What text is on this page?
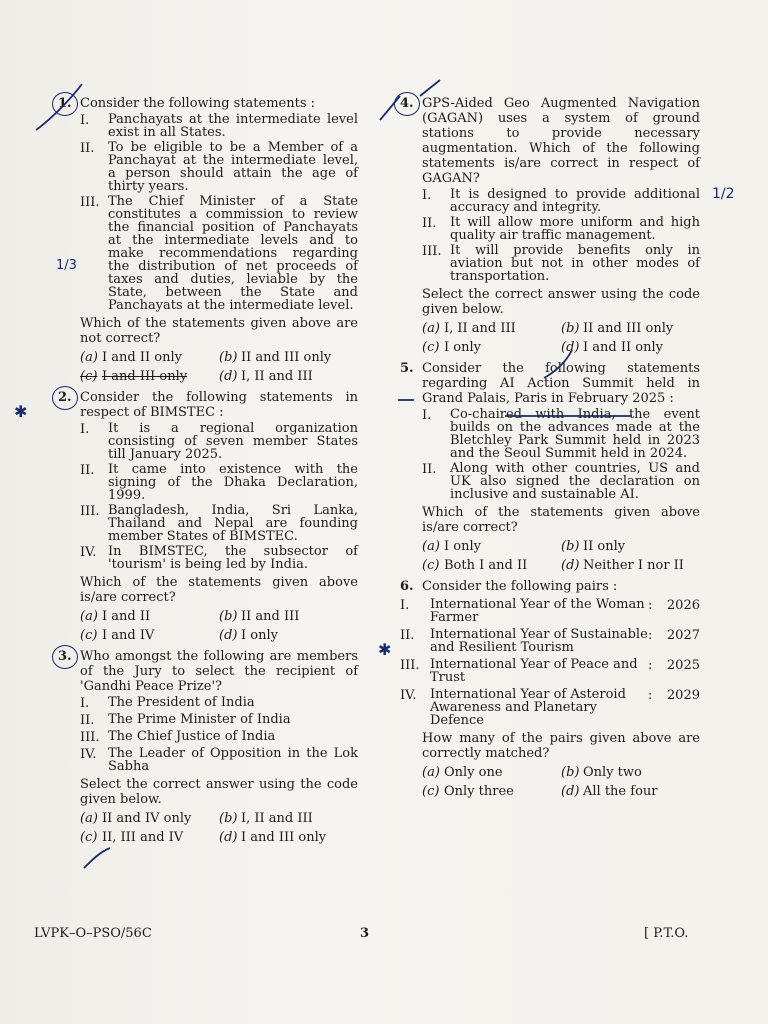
1. Consider the following statements :
I.	Panchayats at the intermediate level exist in all States.
II.	To be eligible to be a Member of a Panchayat at the intermediate level, a person should attain the age of thirty years.
III. The Chief Minister of a State constitutes a commission to review the financial position of Panchayats at the intermediate levels and to make recommendations regarding the distribution of net proceeds of taxes and duties, leviable by the State, between the State and Panchayats at the intermediate level.
Which of the statements given above are not correct?
(a) I and II only	(b) II and III only
(c) I and III only (d) I, II and III
2. Consider the following statements in respect of BIMSTEC :
I.	It is a regional organization consisting of seven member States till January 2025.
II.	It came into existence with the signing of the Dhaka Declaration, 1999.
III. Bangladesh, India, Sri Lanka, Thailand and Nepal are founding member States of BIMSTEC.
IV. In BIMSTEC, the subsector of 'tourism' is being led by India.
Which of the statements given above is/are correct?
(a) I and II	(b) II and III
(c) I and IV	(d) I only
3. Who amongst the following are members of the Jury to select the recipient of 'Gandhi Peace Prize'?
I.	The President of India
II.	The Prime Minister of India
III. The Chief Justice of India
IV. The Leader of Opposition in the Lok Sabha
Select the correct answer using the code given below.
(a) II and IV only (b) I, II and III
(c) II, III and IV	(d) I and III only
4. GPS-Aided Geo Augmented Navigation (GAGAN) uses a system of ground stations to provide necessary augmentation. Which of the following statements is/are correct in respect of GAGAN?
I.	It is designed to provide additional accuracy and integrity.
II.	It will allow more uniform and high quality air traffic management.
III. It will provide benefits only in aviation but not in other modes of transportation.
Select the correct answer using the code given below.
(a) I, II and III	(b) II and III only
(c) I only	(d) I and II only
5. Consider the following statements regarding AI Action Summit held in Grand Palais, Paris in February 2025 :
I.	Co-chaired with India, the event builds on the advances made at the Bletchley Park Summit held in 2023 and the Seoul Summit held in 2024.
II.	Along with other countries, US and UK also signed the declaration on inclusive and sustainable AI.
Which of the statements given above is/are correct?
(a) I only	(b) II only
(c) Both I and II	(d) Neither I nor II
6. Consider the following pairs :
I.	International Year of the Woman Farmer
:	2026
II.	International Year of Sustainable and Resilient Tourism
:	2027
III. International Year of Peace and Trust
:	2025
IV.	International Year of Asteroid Awareness and Planetary Defence
:	2029
How many of the pairs given above are correctly matched?
(a) Only one	(b) Only two
(c) Only three	(d) All the four
1/3
1/2
✱
✱
LVPK–O–PSO/56C	3	[ P.T.O.
